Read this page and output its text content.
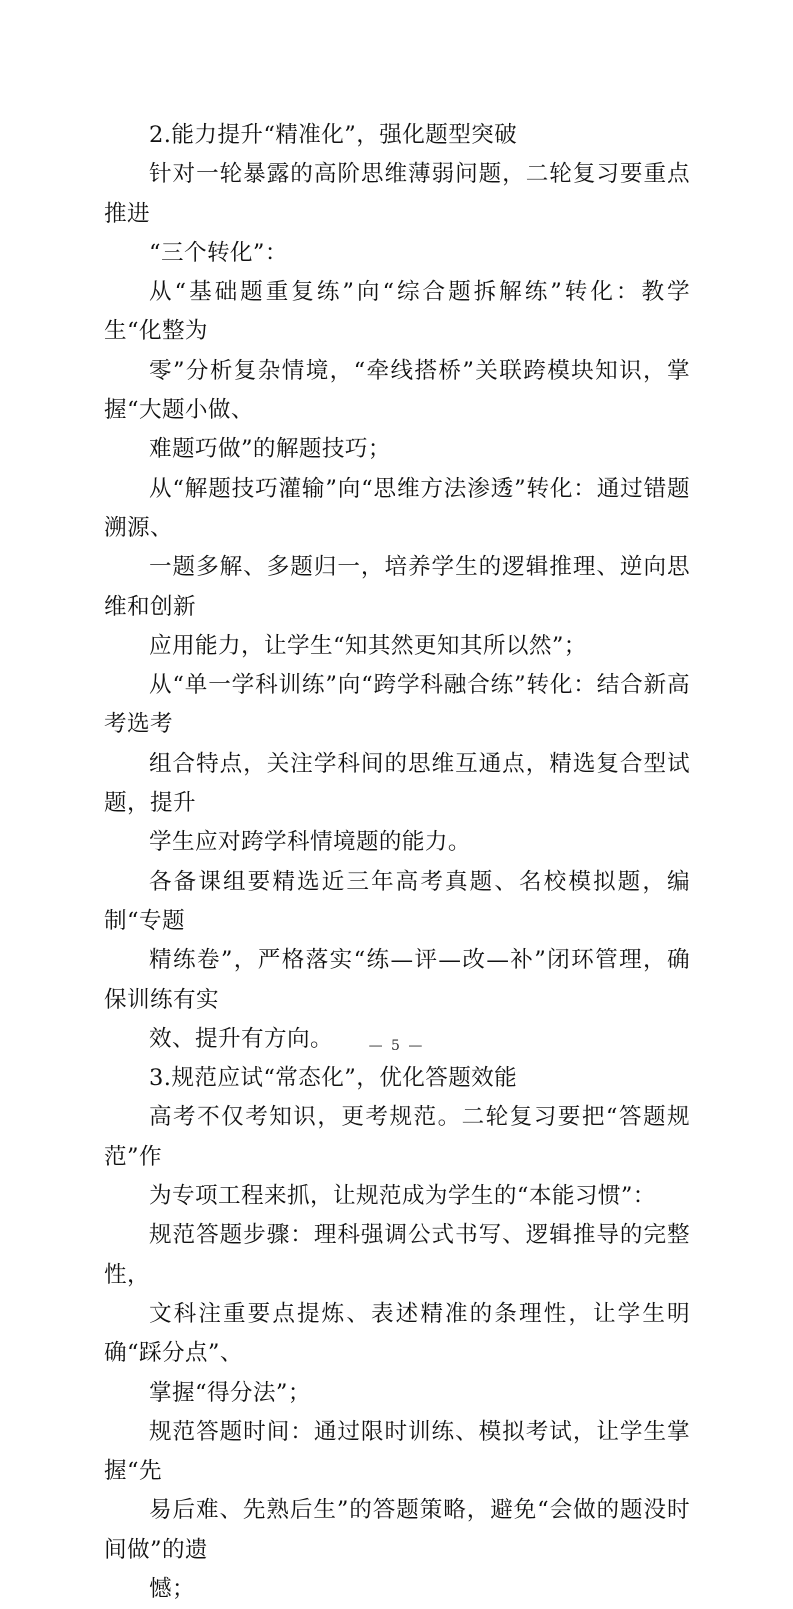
2.能力提升“精准化”，强化题型突破

针对一轮暴露的高阶思维薄弱问题，二轮复习要重点推进
“三个转化”：

从“基础题重复练”向“综合题拆解练”转化：教学生“化整为
零”分析复杂情境，“牵线搭桥”关联跨模块知识，掌握“大题小做、
难题巧做”的解题技巧；

从“解题技巧灌输”向“思维方法渗透”转化：通过错题溯源、
一题多解、多题归一，培养学生的逻辑推理、逆向思维和创新
应用能力，让学生“知其然更知其所以然”；

从“单一学科训练”向“跨学科融合练”转化：结合新高考选考
组合特点，关注学科间的思维互通点，精选复合型试题，提升
学生应对跨学科情境题的能力。

各备课组要精选近三年高考真题、名校模拟题，编制“专题
精练卷”，严格落实“练—评—改—补”闭环管理，确保训练有实
效、提升有方向。

3.规范应试“常态化”，优化答题效能

高考不仅考知识，更考规范。二轮复习要把“答题规范”作
为专项工程来抓，让规范成为学生的“本能习惯”：

规范答题步骤：理科强调公式书写、逻辑推导的完整性，
文科注重要点提炼、表述精准的条理性，让学生明确“踩分点”、
掌握“得分法”；

规范答题时间：通过限时训练、模拟考试，让学生掌握“先
易后难、先熟后生”的答题策略，避免“会做的题没时间做”的遗
憾；

— 5 —
